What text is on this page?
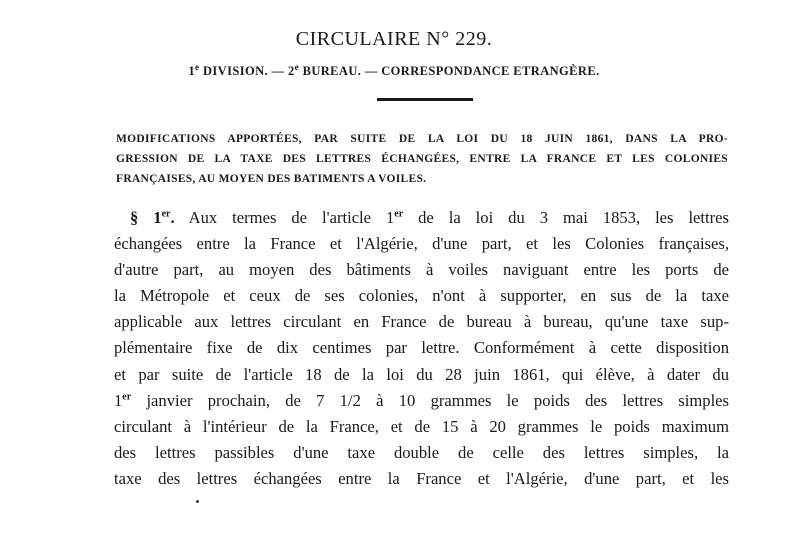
CIRCULAIRE N° 229.
1e DIVISION. — 2e BUREAU. — CORRESPONDANCE ETRANGÈRE.
MODIFICATIONS APPORTÉES, PAR SUITE DE LA LOI DU 18 JUIN 1861, DANS LA PRO-
GRESSION DE LA TAXE DES LETTRES ÉCHANGÉES, ENTRE LA FRANCE ET LES COLONIES
FRANÇAISES, AU MOYEN DES BATIMENTS A VOILES.
§ 1er. Aux termes de l'article 1er de la loi du 3 mai 1853, les lettres
échangées entre la France et l'Algérie, d'une part, et les Colonies françaises,
d'autre part, au moyen des bâtiments à voiles naviguant entre les ports de
la Métropole et ceux de ses colonies, n'ont à supporter, en sus de la taxe
applicable aux lettres circulant en France de bureau à bureau, qu'une taxe sup-
plémentaire fixe de dix centimes par lettre. Conformément à cette disposition
et par suite de l'article 18 de la loi du 28 juin 1861, qui élève, à dater du
1er janvier prochain, de 7 1/2 à 10 grammes le poids des lettres simples
circulant à l'intérieur de la France, et de 15 à 20 grammes le poids maximum
des lettres passibles d'une taxe double de celle des lettres simples, la
taxe des lettres échangées entre la France et l'Algérie, d'une part, et les
